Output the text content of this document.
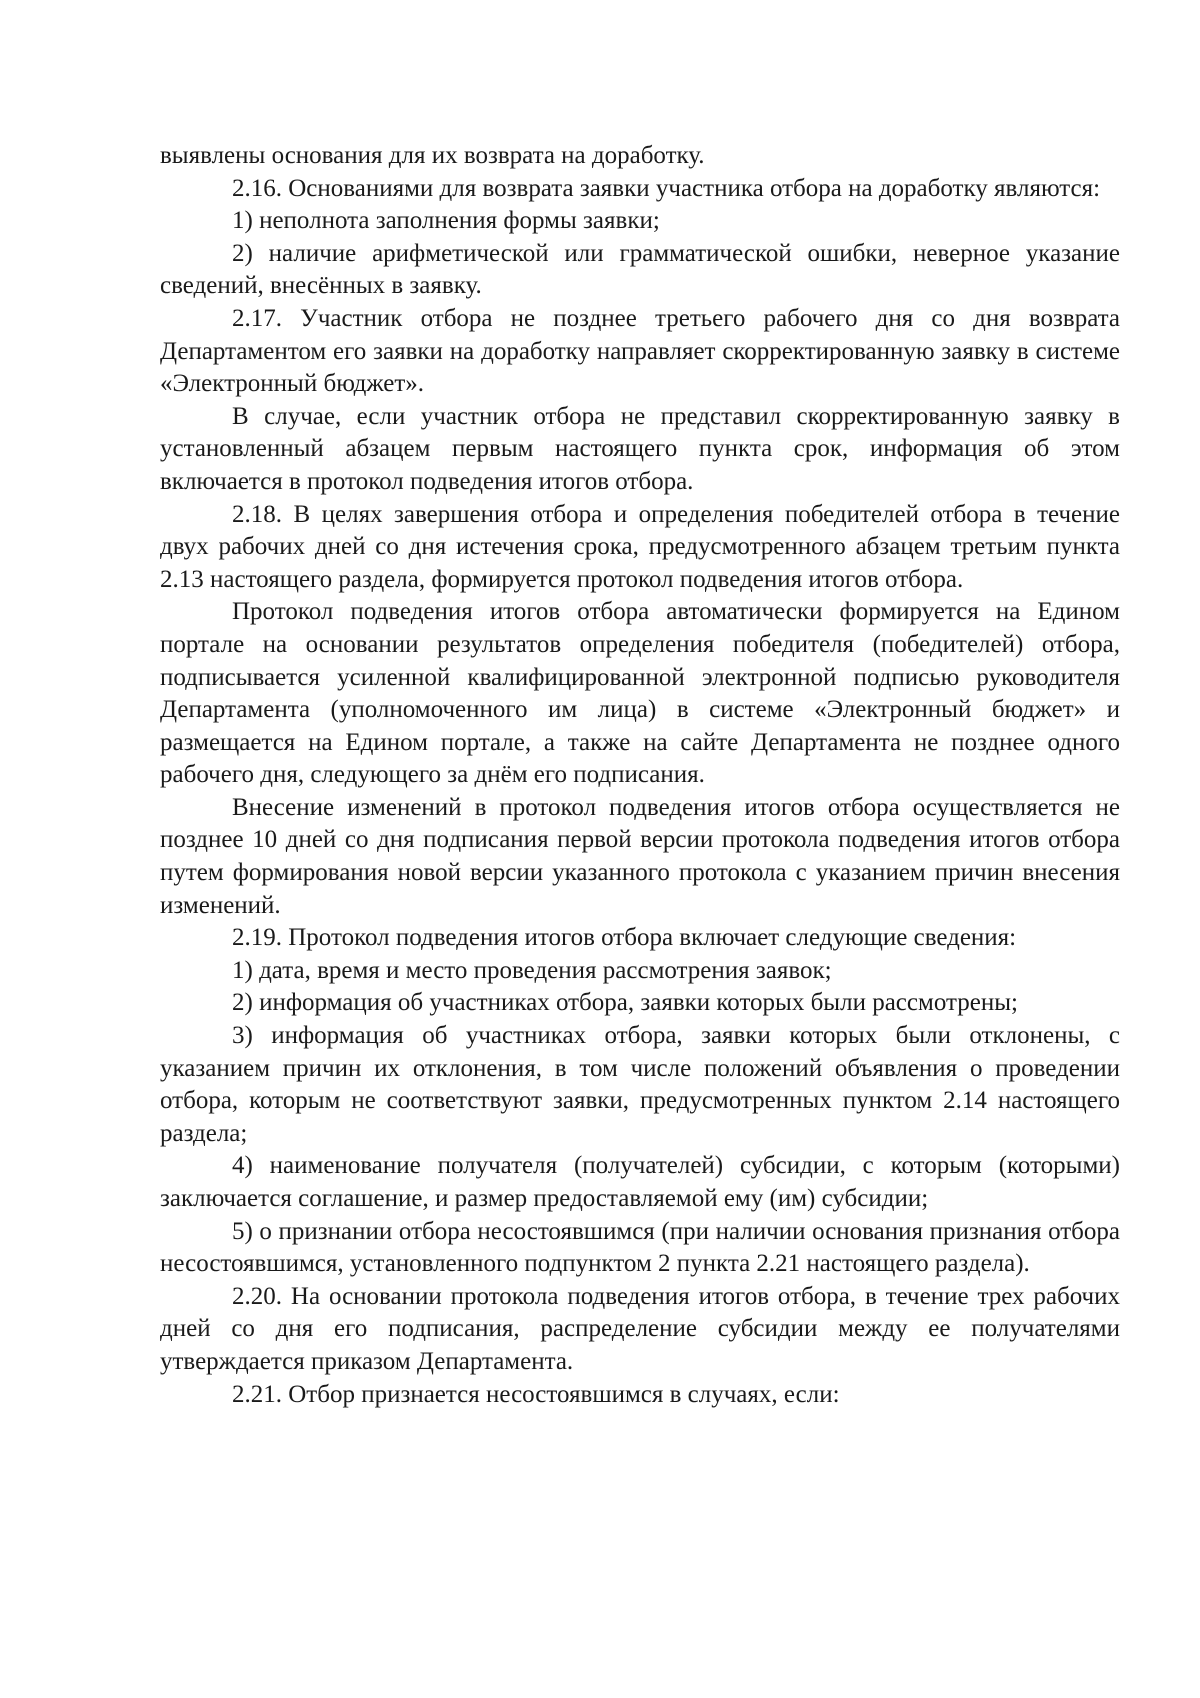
выявлены основания для их возврата на доработку.

2.16. Основаниями для возврата заявки участника отбора на доработку являются:

1) неполнота заполнения формы заявки;

2) наличие арифметической или грамматической ошибки, неверное указание сведений, внесённых в заявку.

2.17. Участник отбора не позднее третьего рабочего дня со дня возврата Департаментом его заявки на доработку направляет скорректированную заявку в системе «Электронный бюджет».

В случае, если участник отбора не представил скорректированную заявку в установленный абзацем первым настоящего пункта срок, информация об этом включается в протокол подведения итогов отбора.

2.18. В целях завершения отбора и определения победителей отбора в течение двух рабочих дней со дня истечения срока, предусмотренного абзацем третьим пункта 2.13 настоящего раздела, формируется протокол подведения итогов отбора.

Протокол подведения итогов отбора автоматически формируется на Едином портале на основании результатов определения победителя (победителей) отбора, подписывается усиленной квалифицированной электронной подписью руководителя Департамента (уполномоченного им лица) в системе «Электронный бюджет» и размещается на Едином портале, а также на сайте Департамента не позднее одного рабочего дня, следующего за днём его подписания.

Внесение изменений в протокол подведения итогов отбора осуществляется не позднее 10 дней со дня подписания первой версии протокола подведения итогов отбора путем формирования новой версии указанного протокола с указанием причин внесения изменений.

2.19. Протокол подведения итогов отбора включает следующие сведения:

1) дата, время и место проведения рассмотрения заявок;

2) информация об участниках отбора, заявки которых были рассмотрены;

3) информация об участниках отбора, заявки которых были отклонены, с указанием причин их отклонения, в том числе положений объявления о проведении отбора, которым не соответствуют заявки, предусмотренных пунктом 2.14 настоящего раздела;

4) наименование получателя (получателей) субсидии, с которым (которыми) заключается соглашение, и размер предоставляемой ему (им) субсидии;

5) о признании отбора несостоявшимся (при наличии основания признания отбора несостоявшимся, установленного подпунктом 2 пункта 2.21 настоящего раздела).

2.20. На основании протокола подведения итогов отбора, в течение трех рабочих дней со дня его подписания, распределение субсидии между ее получателями утверждается приказом Департамента.

2.21. Отбор признается несостоявшимся в случаях, если:
